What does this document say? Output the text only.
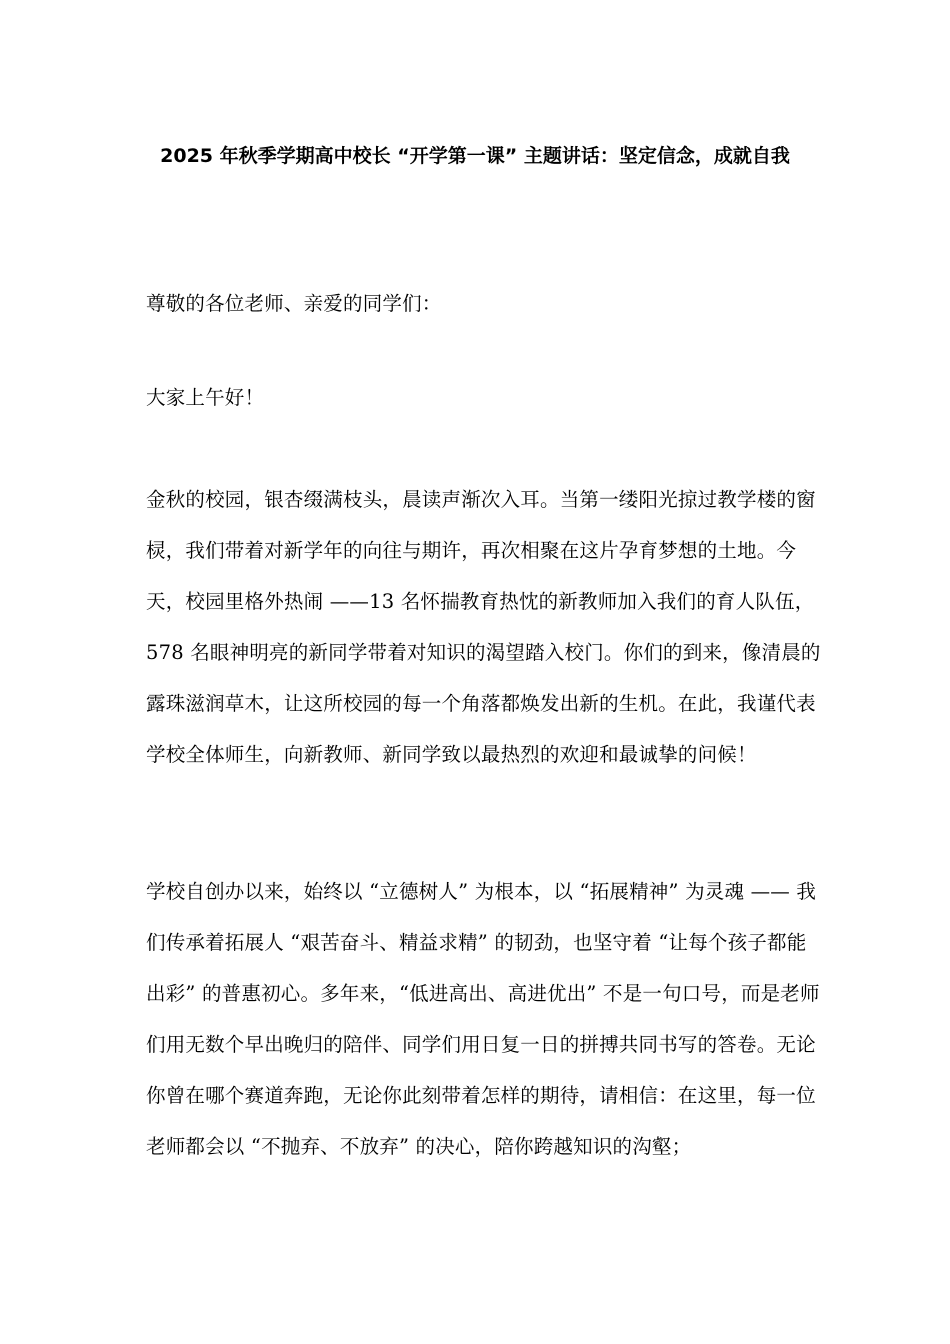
2025 年秋季学期高中校长 “开学第一课” 主题讲话：坚定信念，成就自我

尊敬的各位老师、亲爱的同学们：

大家上午好！

金秋的校园，银杏缀满枝头，晨读声渐次入耳。当第一缕阳光掠过教学楼的窗棂，我们带着对新学年的向往与期许，再次相聚在这片孕育梦想的土地。今天，校园里格外热闹 ——13 名怀揣教育热忱的新教师加入我们的育人队伍，578 名眼神明亮的新同学带着对知识的渴望踏入校门。你们的到来，像清晨的露珠滋润草木，让这所校园的每一个角落都焕发出新的生机。在此，我谨代表学校全体师生，向新教师、新同学致以最热烈的欢迎和最诚挚的问候！

学校自创办以来，始终以 “立德树人” 为根本，以 “拓展精神” 为灵魂 —— 我们传承着拓展人 “艰苦奋斗、精益求精” 的韧劲，也坚守着 “让每个孩子都能出彩” 的普惠初心。多年来，“低进高出、高进优出” 不是一句口号，而是老师们用无数个早出晚归的陪伴、同学们用日复一日的拼搏共同书写的答卷。无论你曾在哪个赛道奔跑，无论你此刻带着怎样的期待，请相信：在这里，每一位老师都会以 “不抛弃、不放弃” 的决心，陪你跨越知识的沟壑；
